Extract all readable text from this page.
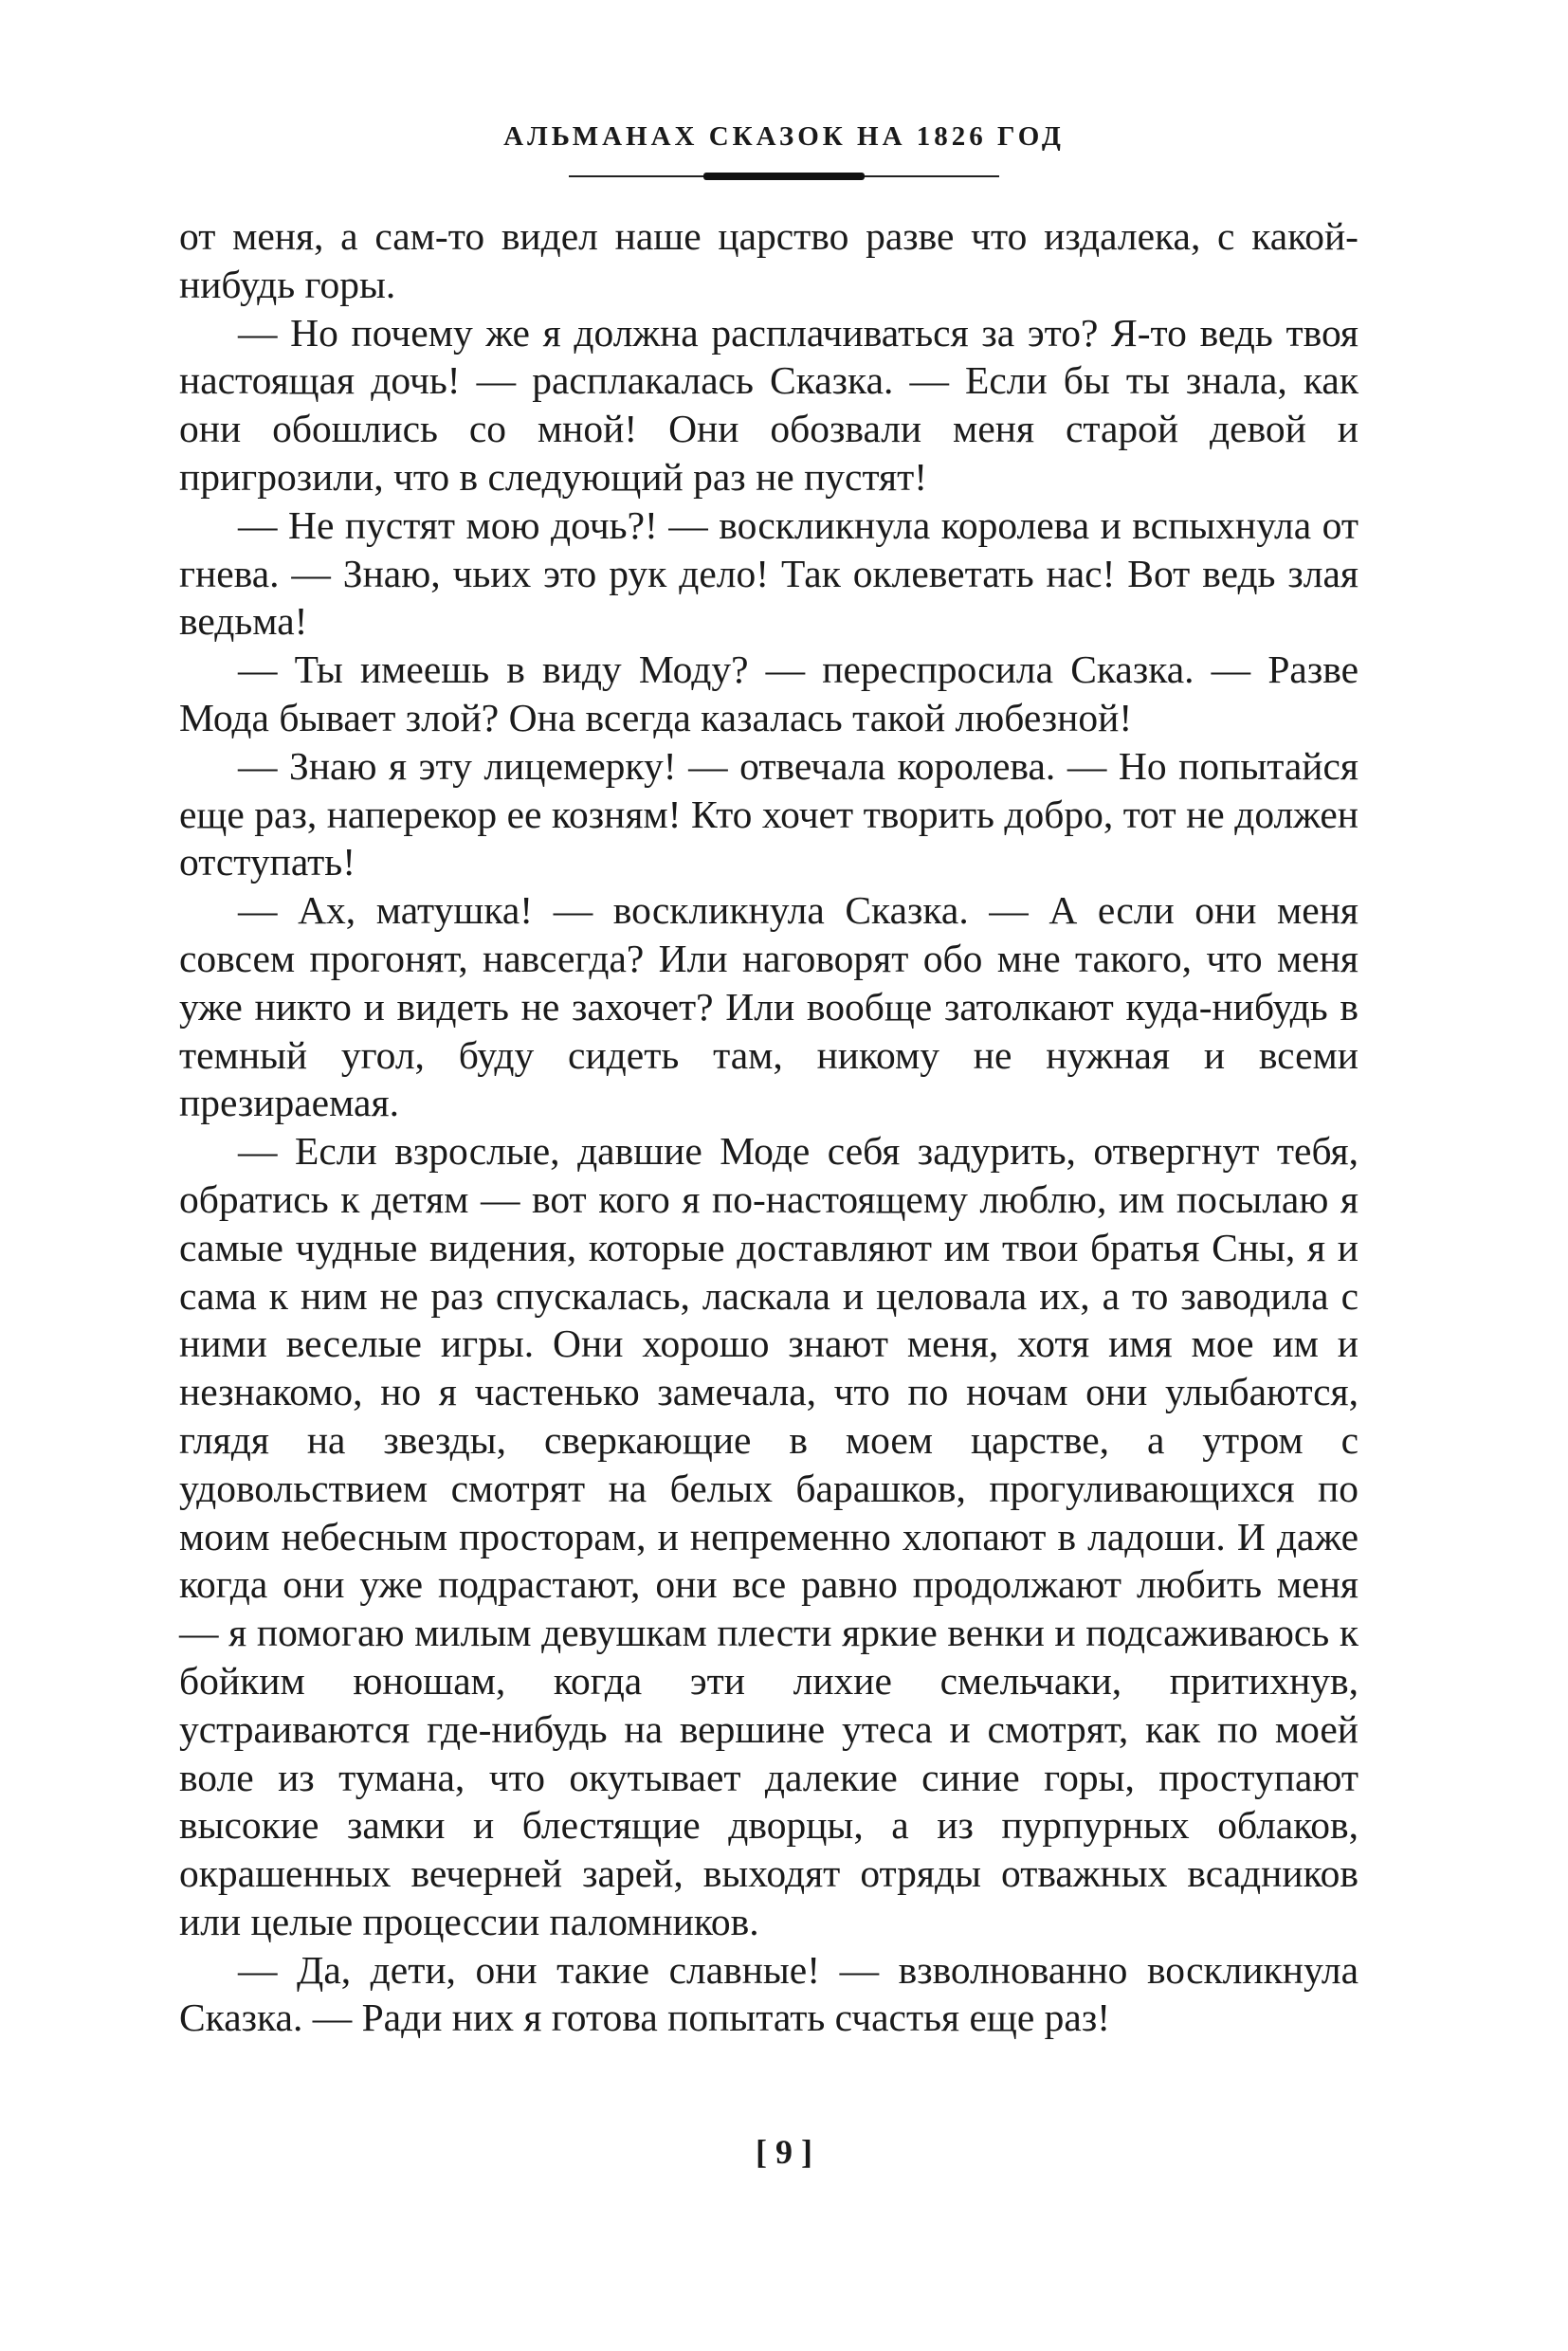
АЛЬМАНАХ СКАЗОК НА 1826 ГОД

от меня, а сам-то видел наше царство разве что издалека, с какой-нибудь горы.

— Но почему же я должна расплачиваться за это? Я-то ведь твоя настоящая дочь! — расплакалась Сказка. — Если бы ты знала, как они обошлись со мной! Они обозвали меня старой девой и пригрозили, что в следующий раз не пустят!

— Не пустят мою дочь?! — воскликнула королева и вспыхнула от гнева. — Знаю, чьих это рук дело! Так оклеветать нас! Вот ведь злая ведьма!

— Ты имеешь в виду Моду? — переспросила Сказка. — Разве Мода бывает злой? Она всегда казалась такой любезной!

— Знаю я эту лицемерку! — отвечала королева. — Но попытайся еще раз, наперекор ее козням! Кто хочет творить добро, тот не должен отступать!

— Ах, матушка! — воскликнула Сказка. — А если они меня совсем прогонят, навсегда? Или наговорят обо мне такого, что меня уже никто и видеть не захочет? Или вообще затолкают куда-нибудь в темный угол, буду сидеть там, никому не нужная и всеми презираемая.

— Если взрослые, давшие Моде себя задурить, отвергнут тебя, обратись к детям — вот кого я по-настоящему люблю, им посылаю я самые чудные видения, которые доставляют им твои братья Сны, я и сама к ним не раз спускалась, ласкала и целовала их, а то заводила с ними веселые игры. Они хорошо знают меня, хотя имя мое им и незнакомо, но я частенько замечала, что по ночам они улыбаются, глядя на звезды, сверкающие в моем царстве, а утром с удовольствием смотрят на белых барашков, прогуливающихся по моим небесным просторам, и непременно хлопают в ладоши. И даже когда они уже подрастают, они все равно продолжают любить меня — я помогаю милым девушкам плести яркие венки и подсаживаюсь к бойким юношам, когда эти лихие смельчаки, притихнув, устраиваются где-нибудь на вершине утеса и смотрят, как по моей воле из тумана, что окутывает далекие синие горы, проступают высокие замки и блестящие дворцы, а из пурпурных облаков, окрашенных вечерней зарей, выходят отряды отважных всадников или целые процессии паломников.

— Да, дети, они такие славные! — взволнованно воскликнула Сказка. — Ради них я готова попытать счастья еще раз!

[ 9 ]
